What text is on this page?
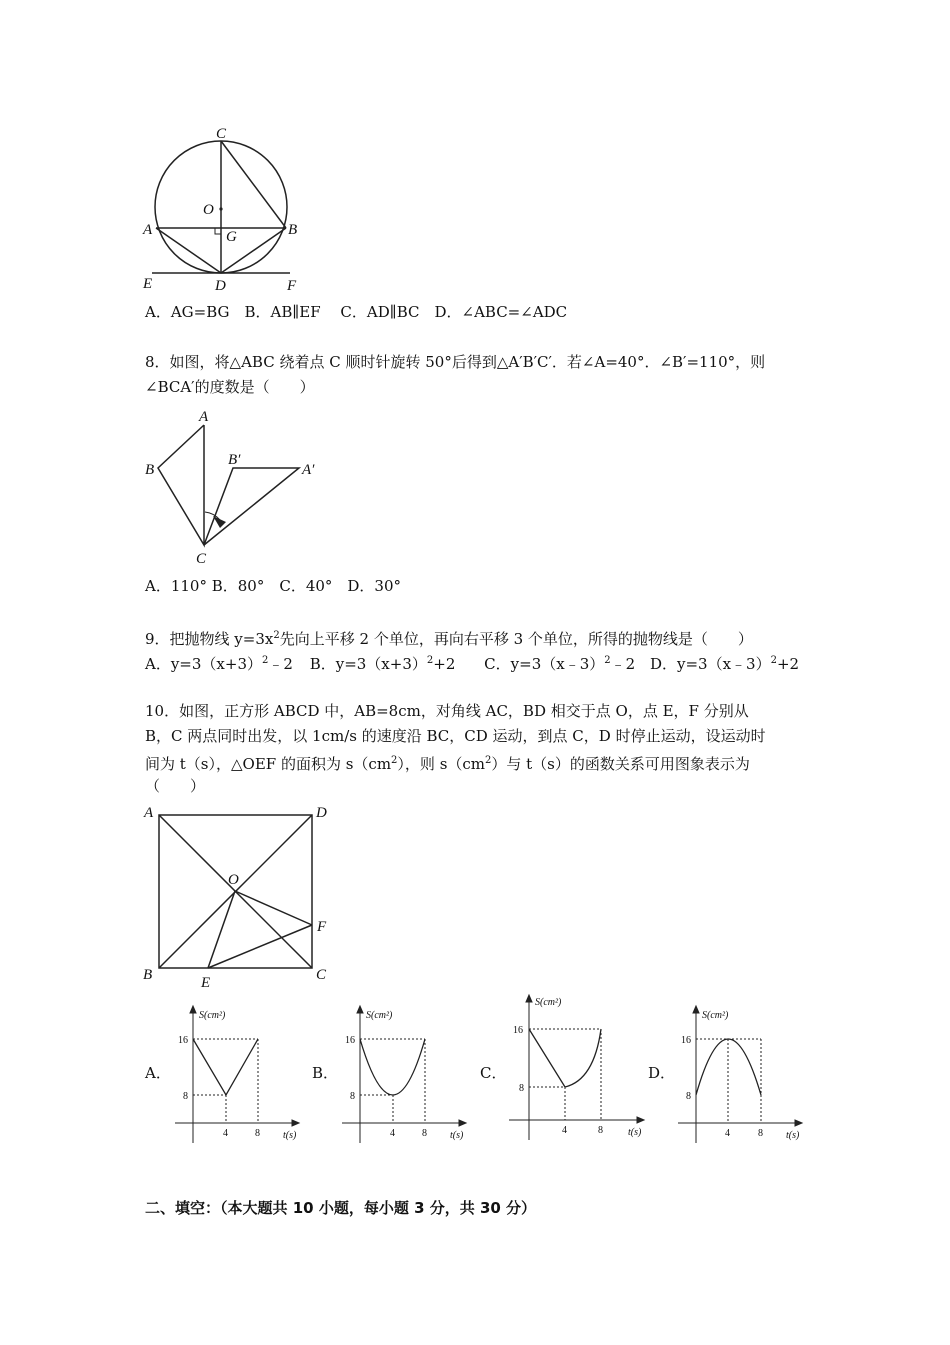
C
O
A	G	B
E	D	F
A．AG=BG　B．AB∥EF　 C．AD∥BC　D．∠ABC=∠ADC
8．如图，将△ABC 绕着点 C 顺时针旋转 50°后得到△A′B′C′．若∠A=40°．∠B′=110°，则
∠BCA′的度数是（　　）
A
B
B′
A′
C
A．110° B．80°　C．40°　D．30°
9．把抛物线 $y=3x^2$先向上平移 2 个单位，再向右平移 3 个单位，所得的抛物线是（　　）
A．$y=3(x+3)^2﹣2$ B．$y=3(x+3)^2+2$ C．y=3（x﹣3）$^2$﹣2 D．y=3（x﹣3）$^2$+2
10．如图，正方形 ABCD 中，AB=8cm，对角线 AC，BD 相交于点 O，点 E，F 分别从
B，C 两点同时出发，以 1cm/s 的速度沿 BC，CD 运动，到点 C，D 时停止运动，设运动时
间为 t（s），△OEF 的面积为 $s(cm^2)$，则 $s(cm^2)$与 t（s）的函数关系可用图象表示为
（　　）
A	D
O
F
B	E	C
A．	B．	C．	D．
S(cm²)
16
8
4	8 t(s)
S(cm²)
16
8
4	8 t(s)
S(cm²)
16
8
4	8	t(s)
S(cm²)
16
8
4	8 t(s)
二、填空：（本大题共 10 小题，每小题 3 分，共 30 分）
